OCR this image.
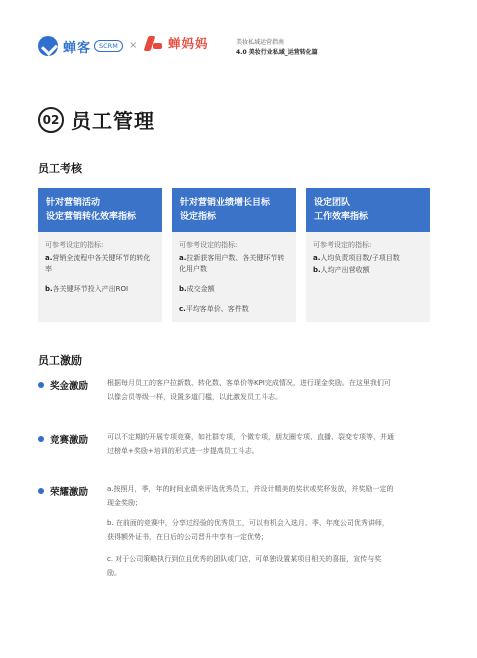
蝉客	SCRM	× 蝉妈妈	美妆私域运营指南
4.0 美妆行业私域_运营转化篇
02 员工管理
员工考核
针对营销活动
设定营销转化效率指标
可参考设定的指标:
a.营销全流程中各关键环节的转化率
b.各关键环节投入产出ROI
针对营销业绩增长目标
设定指标
可参考设定的指标:
a.拉新获客用户数、各关键环节转化用户数
b.成交金额
c.平均客单价、客件数
设定团队
工作效率指标
可参考设定的指标:
a.人均负责项目数/子项目数
b.人均产出营收额
员工激励
奖金激励	根据每月员工的客户拉新数、转化数、客单价等KPI完成情况，进行现金奖励。在这里我们可以像会员等级一样，设置多道门槛，以此激发员工斗志。
竞赛激励	可以不定期的开展专项竞赛，如社群专项，个微专项，朋友圈专项、直播、裂变专项等，并通过榜单+奖励+培训的形式进一步提高员工斗志。
荣耀激励	a.按照月，季，年的时间业绩来评选优秀员工，并设计精美的奖状或奖杯发放，并奖励一定的现金奖励；
b. 在前面的竞赛中，分享过经验的优秀员工，可以有机会入选月、季、年度公司优秀讲师，获得额外证书，在日后的公司晋升中享有一定优势；
c. 对于公司策略执行到位且优秀的团队或门店，可单独设置某项目相关的喜报，宣传与奖励。
